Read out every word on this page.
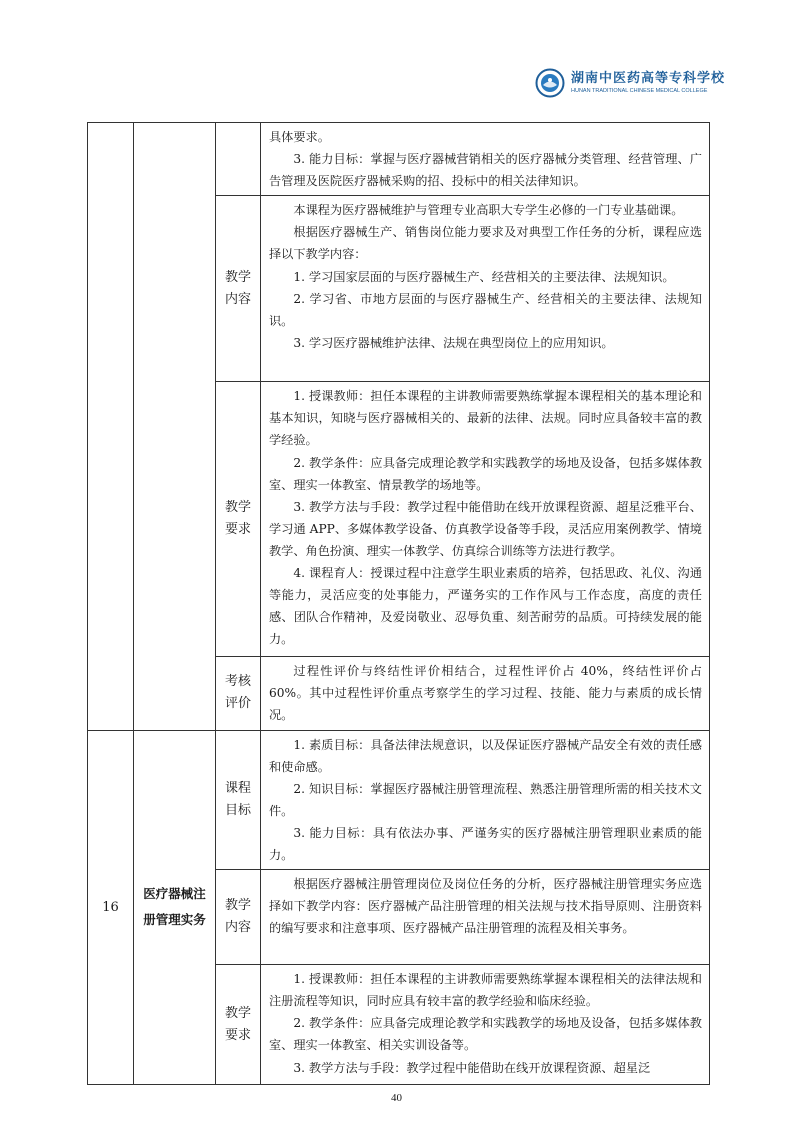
湖南中医药高等专科学校
HUNAN TRADITIONAL CHINESE MEDICAL COLLEGE

			具体要求。

3. 能力目标：掌握与医疗器械营销相关的医疗器械分类管理、经营管理、广告管理及医院医疗器械采购的招、投标中的相关法律知识。

		教学内容	本课程为医疗器械维护与管理专业高职大专学生必修的一门专业基础课。

根据医疗器械生产、销售岗位能力要求及对典型工作任务的分析，课程应选择以下教学内容：

1. 学习国家层面的与医疗器械生产、经营相关的主要法律、法规知识。

2. 学习省、市地方层面的与医疗器械生产、经营相关的主要法律、法规知识。

3. 学习医疗器械维护法律、法规在典型岗位上的应用知识。

		教学要求	1. 授课教师：担任本课程的主讲教师需要熟练掌握本课程相关的基本理论和基本知识，知晓与医疗器械相关的、最新的法律、法规。同时应具备较丰富的教学经验。

2. 教学条件：应具备完成理论教学和实践教学的场地及设备，包括多媒体教室、理实一体教室、情景教学的场地等。

3. 教学方法与手段：教学过程中能借助在线开放课程资源、超星泛雅平台、学习通 APP、多媒体教学设备、仿真教学设备等手段，灵活应用案例教学、情境教学、角色扮演、理实一体教学、仿真综合训练等方法进行教学。

4. 课程育人：授课过程中注意学生职业素质的培养，包括思政、礼仪、沟通等能力，灵活应变的处事能力，严谨务实的工作作风与工作态度，高度的责任感、团队合作精神，及爱岗敬业、忍辱负重、刻苦耐劳的品质。可持续发展的能力。

		考核评价	过程性评价与终结性评价相结合，过程性评价占 40%，终结性评价占 60%。其中过程性评价重点考察学生的学习过程、技能、能力与素质的成长情况。

16	医疗器械注册管理实务	课程目标	1. 素质目标：具备法律法规意识，以及保证医疗器械产品安全有效的责任感和使命感。

2. 知识目标：掌握医疗器械注册管理流程、熟悉注册管理所需的相关技术文件。

3. 能力目标：具有依法办事、严谨务实的医疗器械注册管理职业素质的能力。

		教学内容	根据医疗器械注册管理岗位及岗位任务的分析，医疗器械注册管理实务应选择如下教学内容：医疗器械产品注册管理的相关法规与技术指导原则、注册资料的编写要求和注意事项、医疗器械产品注册管理的流程及相关事务。

		教学要求	1. 授课教师：担任本课程的主讲教师需要熟练掌握本课程相关的法律法规和注册流程等知识，同时应具有较丰富的教学经验和临床经验。

2. 教学条件：应具备完成理论教学和实践教学的场地及设备，包括多媒体教室、理实一体教室、相关实训设备等。

3. 教学方法与手段：教学过程中能借助在线开放课程资源、超星泛

40
